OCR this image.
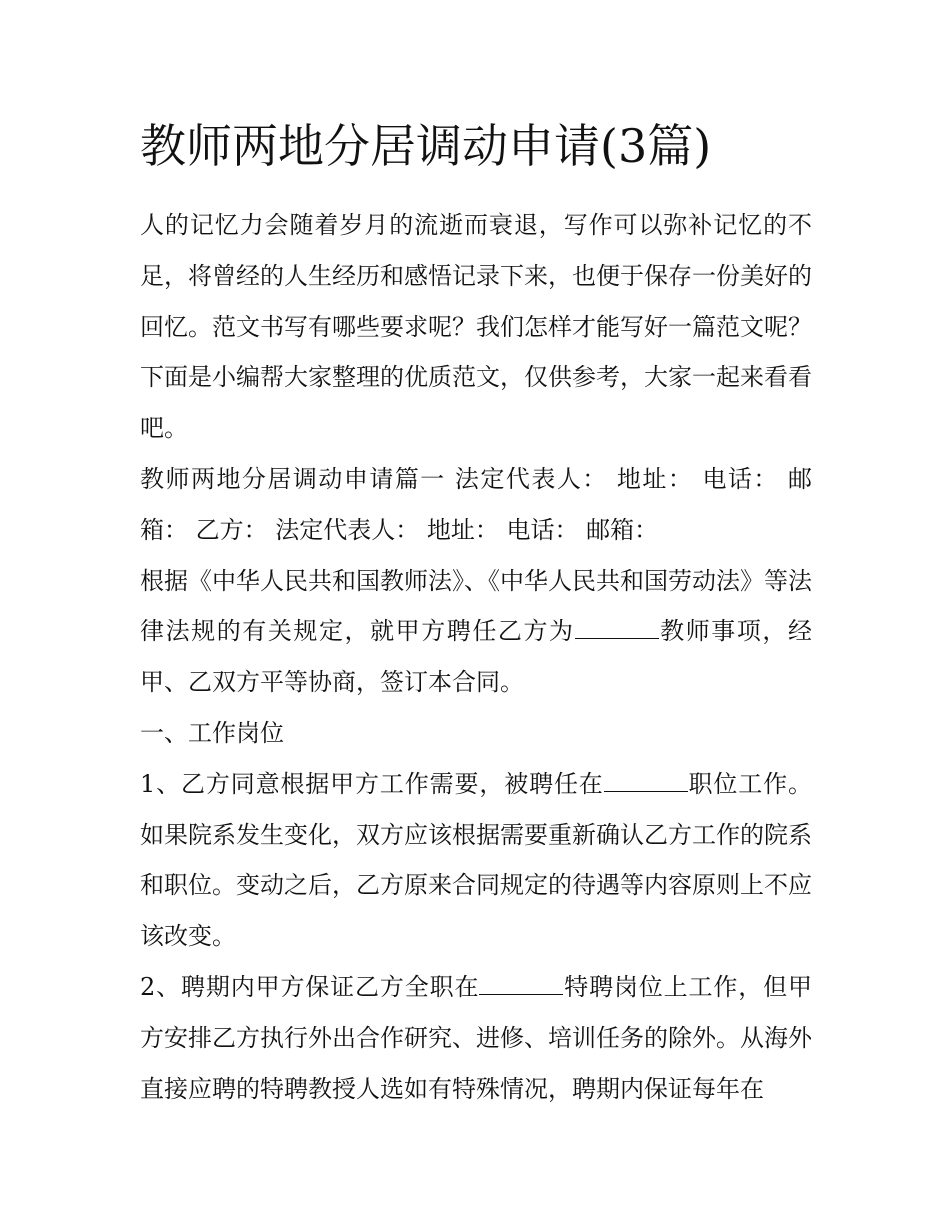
教师两地分居调动申请(3篇)

人的记忆力会随着岁月的流逝而衰退，写作可以弥补记忆的不足，将曾经的人生经历和感悟记录下来，也便于保存一份美好的回忆。范文书写有哪些要求呢？我们怎样才能写好一篇范文呢？下面是小编帮大家整理的优质范文，仅供参考，大家一起来看看吧。

教师两地分居调动申请篇一 法定代表人： 地址： 电话： 邮箱： 乙方： 法定代表人： 地址： 电话： 邮箱：

根据《中华人民共和国教师法》、《中华人民共和国劳动法》等法律法规的有关规定，就甲方聘任乙方为	教师事项，经甲、乙双方平等协商，签订本合同。

一、工作岗位

1、乙方同意根据甲方工作需要，被聘任在	职位工作。如果院系发生变化，双方应该根据需要重新确认乙方工作的院系和职位。变动之后，乙方原来合同规定的待遇等内容原则上不应该改变。

2、聘期内甲方保证乙方全职在	特聘岗位上工作，但甲方安排乙方执行外出合作研究、进修、培训任务的除外。从海外直接应聘的特聘教授人选如有特殊情况，聘期内保证每年在
